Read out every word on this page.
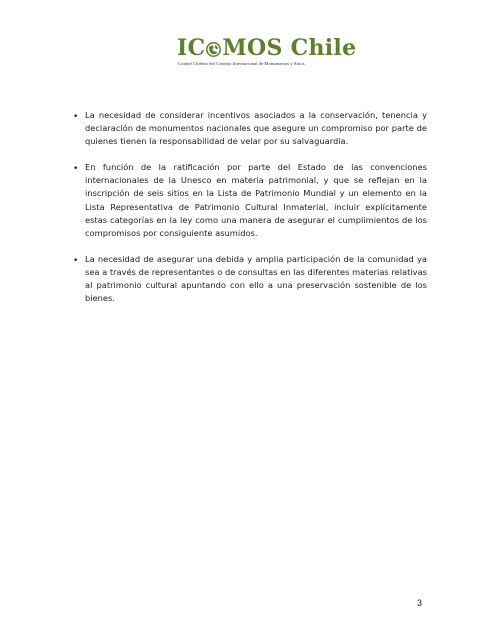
IC MOS Chile
Comité Chileno del Consejo Internacional de Monumentos y Sitios
• La necesidad de considerar incentivos asociados a la conservación, tenencia y declaración de monumentos nacionales que asegure un compromiso por parte de quienes tienen la responsabilidad de velar por su salvaguardia.

• En función de la ratificación por parte del Estado de las convenciones internacionales de la Unesco en materia patrimonial, y que se reflejan en la inscripción de seis sitios en la Lista de Patrimonio Mundial y un elemento en la Lista Representativa de Patrimonio Cultural Inmaterial, incluir explícitamente estas categorías en la ley como una manera de asegurar el cumplimientos de los compromisos por consiguiente asumidos.

• La necesidad de asegurar una debida y amplia participación de la comunidad ya sea a través de representantes o de consultas en las diferentes materias relativas al patrimonio cultural apuntando con ello a una preservación sostenible de los bienes.

3
